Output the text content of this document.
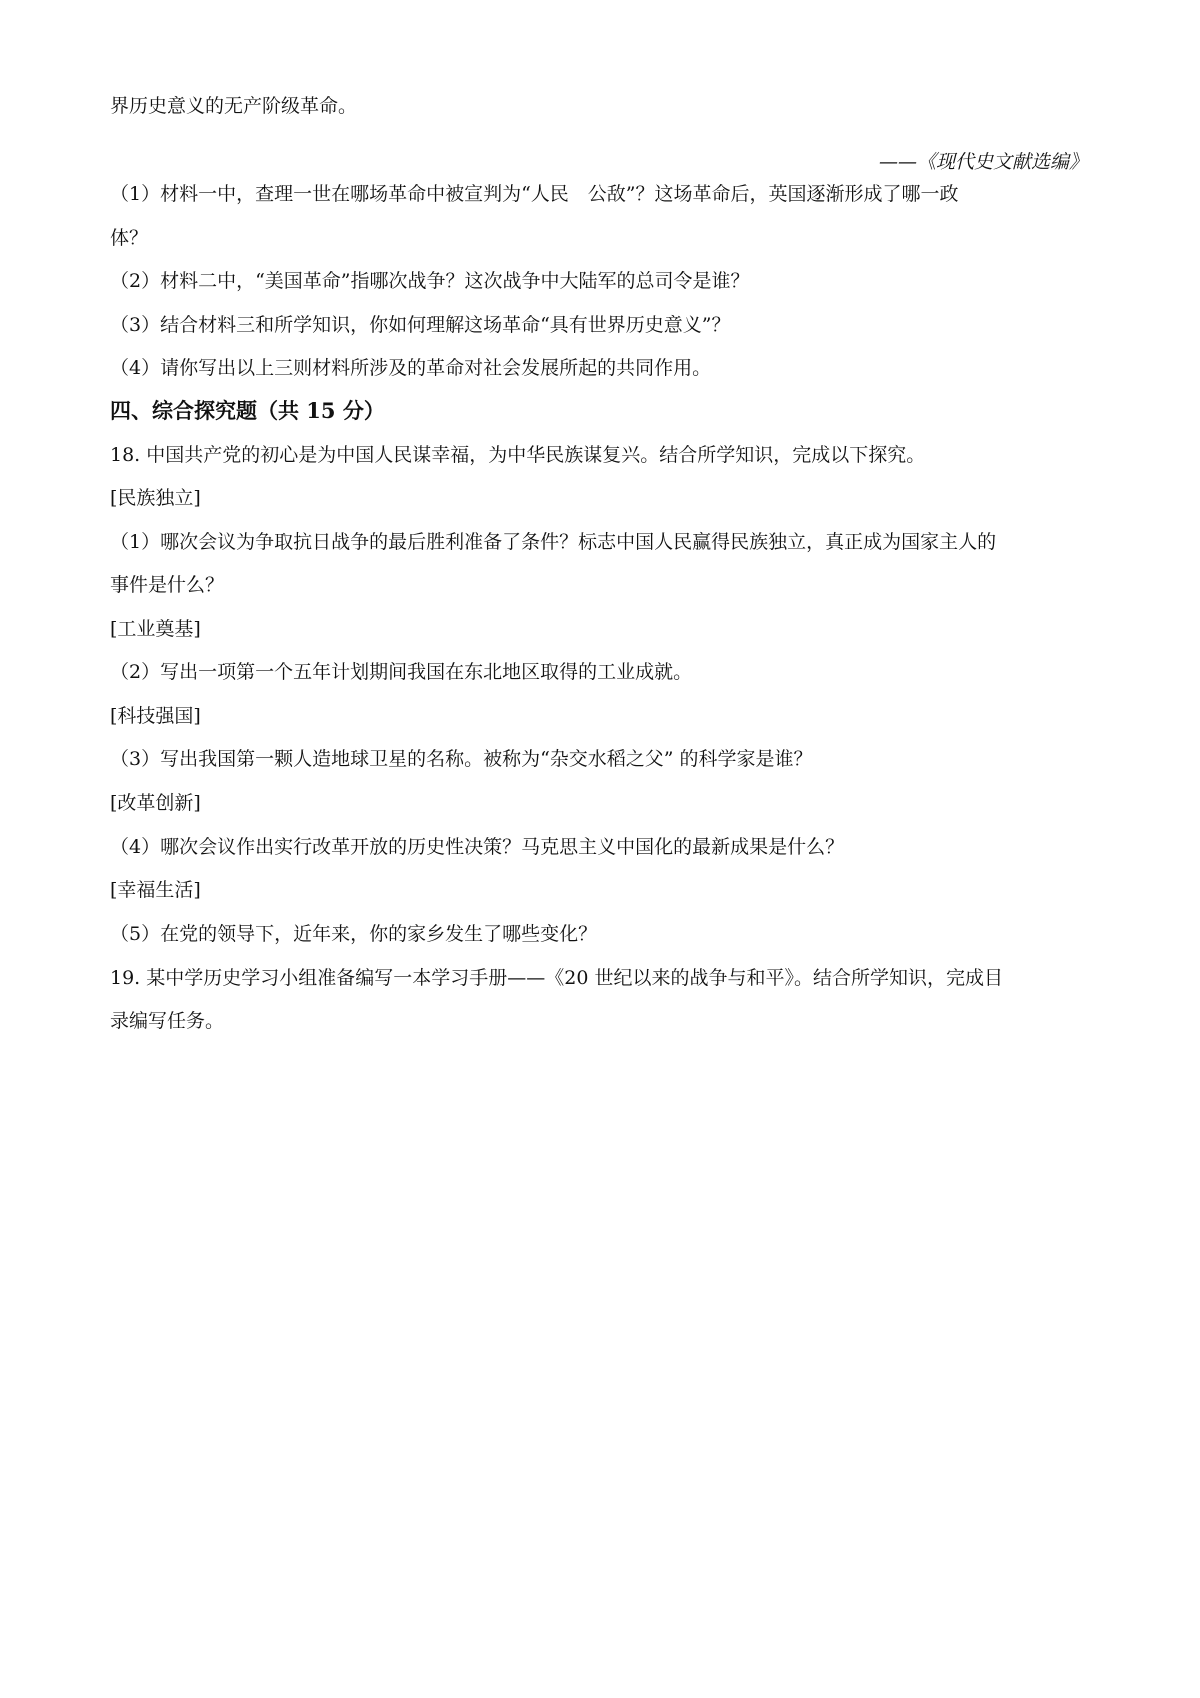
界历史意义的无产阶级革命。
——《现代史文献选编》
（1）材料一中，查理一世在哪场革命中被宣判为“人民　公敌”？这场革命后，英国逐渐形成了哪一政
体？
（2）材料二中，“美国革命”指哪次战争？这次战争中大陆军的总司令是谁？
（3）结合材料三和所学知识，你如何理解这场革命“具有世界历史意义”？
（4）请你写出以上三则材料所涉及的革命对社会发展所起的共同作用。
四、综合探究题（共 15 分）
18. 中国共产党的初心是为中国人民谋幸福，为中华民族谋复兴。结合所学知识，完成以下探究。
[民族独立]
（1）哪次会议为争取抗日战争的最后胜利准备了条件？标志中国人民赢得民族独立，真正成为国家主人的
事件是什么？
[工业奠基]
（2）写出一项第一个五年计划期间我国在东北地区取得的工业成就。
[科技强国]
（3）写出我国第一颗人造地球卫星的名称。被称为“杂交水稻之父” 的科学家是谁？
[改革创新]
（4）哪次会议作出实行改革开放的历史性决策？马克思主义中国化的最新成果是什么？
[幸福生活]
（5）在党的领导下，近年来，你的家乡发生了哪些变化？
19. 某中学历史学习小组准备编写一本学习手册——《20 世纪以来的战争与和平》。结合所学知识，完成目
录编写任务。
